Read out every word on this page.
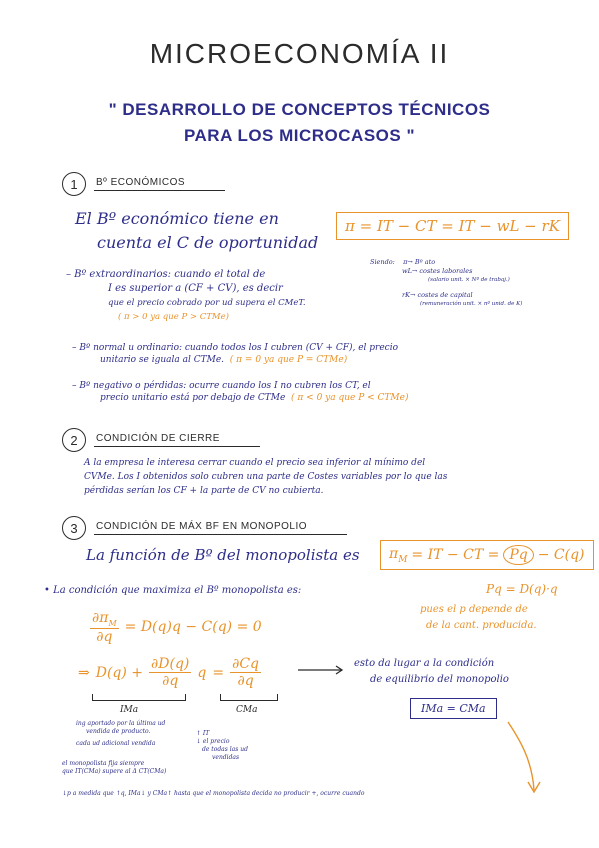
MICROECONOMÍA II
" DESARROLLO DE CONCEPTOS TÉCNICOS
PARA LOS MICROCASOS "
1	Bº ECONÓMICOS
El Bº económico tiene en
cuenta el C de oportunidad
π = IT − CT = IT − wL − rK
Siendo: π→ Bº ato
wL→ costes laborales
(salario unit. × Nº de trabaj.)
rK→ costes de capital
(remuneración unit. × nº unid. de K)
– Bº extraordinarios: cuando el total de
I es superior a (CF + CV), es decir
que el precio cobrado por ud supera el CMeT.
( π > 0 ya que P > CTMe)
– Bº normal u ordinario: cuando todos los I cubren (CV + CF), el precio
unitario se iguala al CTMe. ( π = 0 ya que P = CTMe)
– Bº negativo o pérdidas: ocurre cuando los I no cubren los CT, el
precio unitario está por debajo de CTMe ( π < 0 ya que P < CTMe)
2	CONDICIÓN DE CIERRE
A la empresa le interesa cerrar cuando el precio sea inferior al mínimo del
CVMe. Los I obtenidos solo cubren una parte de Costes variables por lo que las
pérdidas serían los CF + la parte de CV no cubierta.
3	CONDICIÓN DE MÁX BF EN MONOPOLIO
La función de Bº del monopolista es $\pi_M$ = IT − CT = Pq − C(q)
Pq = D(q)·q
pues el p depende de
de la cant. producida.
• La condición que maximiza el Bº monopolista es:
$\frac{\partial\pi_M}{\partial q} = D(q)q - C(q) = 0$
⇒ $D(q) + \frac{\partial D(q)}{\partial q}$ $q = \frac{\partial Cq}{\partial q}$
IMa	CMa
esto da lugar a la condición
de equilibrio del monopolio
IMa = CMa
ing aportado por la última ud
vendida de producto.
cada ud adicional vendida
↑ IT
↓ el precio
de todas las ud
vendidas
el monopolista fija siempre
que IT(CMa) supere al Δ CT(CMa)
↓p a medida que ↑q, IMa↓ y CMa↑ hasta que el monopolista decida no producir +, ocurre cuando
